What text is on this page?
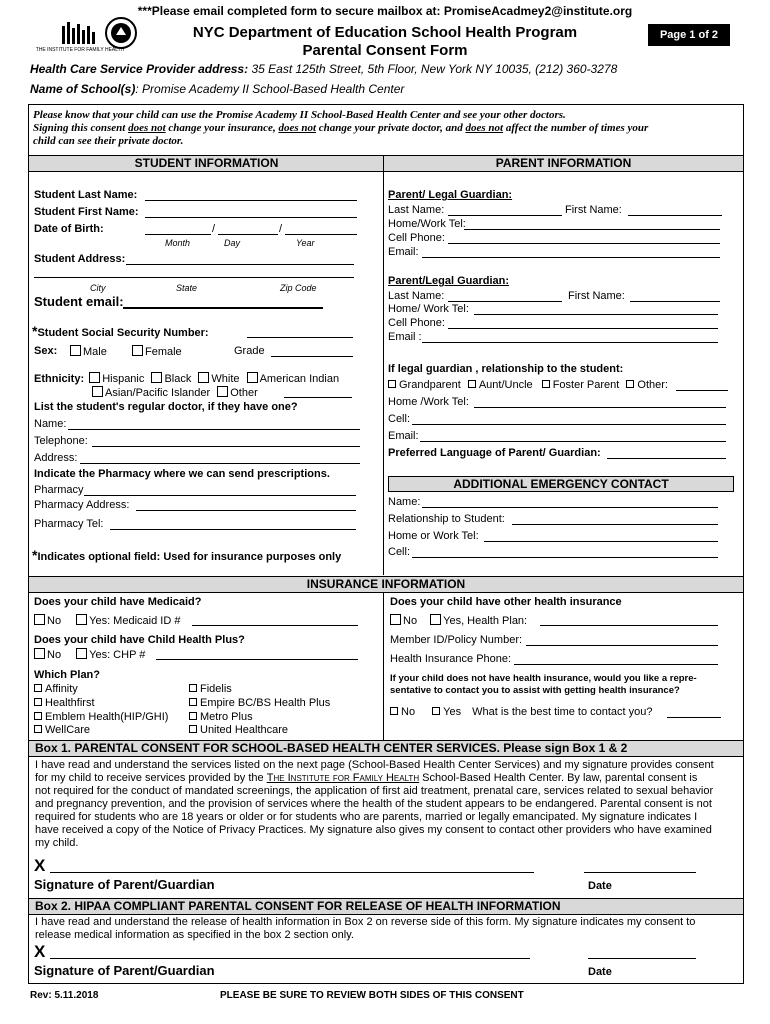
***Please email completed form to secure mailbox at: PromiseAcadmey2@institute.org
THE INSTITUTE FOR FAMILY HEALTH
NYC Department of Education School Health Program
Parental Consent Form
Page 1 of 2
Health Care Service Provider address: 35 East 125th Street, 5th Floor, New York NY 10035, (212) 360-3278
Name of School(s): Promise Academy II School-Based Health Center
Please know that your child can use the Promise Academy II School-Based Health Center and see your other doctors.
Signing this consent does not change your insurance, does not change your private doctor, and does not affect the number of times your
child can see their private doctor.
STUDENT INFORMATION	PARENT INFORMATION
Student Last Name:
Student First Name:
Date of Birth:	/	/
Month	Day	Year
Student Address:
City	State	Zip Code
Student email:
*Student Social Security Number:
Sex:	Male	Female	Grade
Ethnicity: Hispanic Black White American Indian
Asian/Pacific Islander Other
List the student's regular doctor, if they have one?
Name:
Telephone:
Address:
Indicate the Pharmacy where we can send prescriptions.
Pharmacy
Pharmacy Address:
Pharmacy Tel:
*Indicates optional field: Used for insurance purposes only
Parent/ Legal Guardian:
Last Name:	First Name:
Home/Work Tel:
Cell Phone:
Email:
Parent/Legal Guardian:
Last Name:	First Name:
Home/ Work Tel:
Cell Phone:
Email :
If legal guardian , relationship to the student:
Grandparent Aunt/Uncle Foster Parent Other:
Home /Work Tel:
Cell:
Email:
Preferred Language of Parent/ Guardian:
ADDITIONAL EMERGENCY CONTACT
Name:
Relationship to Student:
Home or Work Tel:
Cell:
INSURANCE INFORMATION
Does your child have Medicaid?
No	Yes: Medicaid ID #
Does your child have Child Health Plus?
No	Yes: CHP #
Which Plan?
Affinity
Healthfirst
Emblem Health(HIP/GHI)
WellCare
Fidelis
Empire BC/BS Health Plus
Metro Plus
United Healthcare
Does your child have other health insurance
No Yes, Health Plan:
Member ID/Policy Number:
Health Insurance Phone:
If your child does not have health insurance, would you like a repre-
sentative to contact you to assist with getting health insurance?
No	Yes What is the best time to contact you?
Box 1. PARENTAL CONSENT FOR SCHOOL-BASED HEALTH CENTER SERVICES. Please sign Box 1 & 2
I have read and understand the services listed on the next page (School-Based Health Center Services) and my signature provides consent
for my child to receive services provided by the The Institute for Family Health School-Based Health Center. By law, parental consent is
not required for the conduct of mandated screenings, the application of first aid treatment, prenatal care, services related to sexual behavior
and pregnancy prevention, and the provision of services where the health of the student appears to be endangered. Parental consent is not
required for students who are 18 years or older or for students who are parents, married or legally emancipated. My signature indicates I
have received a copy of the Notice of Privacy Practices. My signature also gives my consent to contact other providers who have examined
my child.
X
Signature of Parent/Guardian	Date
Box 2. HIPAA COMPLIANT PARENTAL CONSENT FOR RELEASE OF HEALTH INFORMATION
I have read and understand the release of health information in Box 2 on reverse side of this form. My signature indicates my consent to
release medical information as specified in the box 2 section only.
X
Signature of Parent/Guardian	Date
Rev: 5.11.2018	PLEASE BE SURE TO REVIEW BOTH SIDES OF THIS CONSENT
